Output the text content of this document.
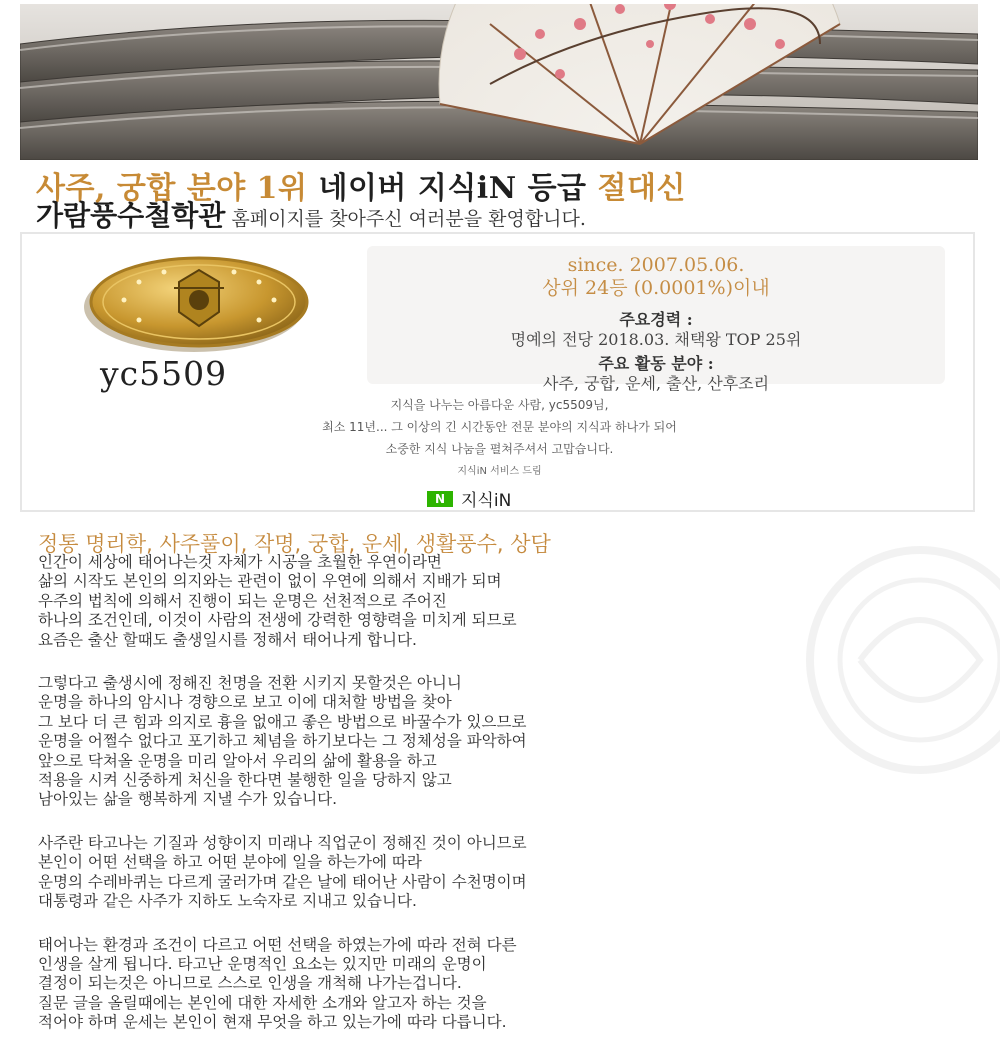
사주, 궁합 분야 1위 네이버 지식iN 등급 절대신
가람풍수철학관 홈페이지를 찾아주신 여러분을 환영합니다.
yc5509
since. 2007.05.06.
상위 24등 (0.0001%)이내
주요경력 :
명예의 전당 2018.03. 채택왕 TOP 25위
주요 활동 분야 :
사주, 궁합, 운세, 출산, 산후조리
지식을 나누는 아름다운 사람, yc5509님,
최소 11년... 그 이상의 긴 시간동안 전문 분야의 지식과 하나가 되어
소중한 지식 나눔을 펼쳐주셔서 고맙습니다.
지식iN 서비스 드림
N 지식iN
정통 명리학, 사주풀이, 작명, 궁합, 운세, 생활풍수, 상담
인간이 세상에 태어나는것 자체가 시공을 초월한 우연이라면
삶의 시작도 본인의 의지와는 관련이 없이 우연에 의해서 지배가 되며
우주의 법칙에 의해서 진행이 되는 운명은 선천적으로 주어진
하나의 조건인데, 이것이 사람의 전생에 강력한 영향력을 미치게 되므로
요즘은 출산 할때도 출생일시를 정해서 태어나게 합니다.
그렇다고 출생시에 정해진 천명을 전환 시키지 못할것은 아니니
운명을 하나의 암시나 경향으로 보고 이에 대처할 방법을 찾아
그 보다 더 큰 힘과 의지로 흉을 없애고 좋은 방법으로 바꿀수가 있으므로
운명을 어쩔수 없다고 포기하고 체념을 하기보다는 그 정체성을 파악하여
앞으로 닥쳐올 운명을 미리 알아서 우리의 삶에 활용을 하고
적용을 시켜 신중하게 처신을 한다면 불행한 일을 당하지 않고
남아있는 삶을 행복하게 지낼 수가 있습니다.
사주란 타고나는 기질과 성향이지 미래나 직업군이 정해진 것이 아니므로
본인이 어떤 선택을 하고 어떤 분야에 일을 하는가에 따라
운명의 수레바퀴는 다르게 굴러가며 같은 날에 태어난 사람이 수천명이며
대통령과 같은 사주가 지하도 노숙자로 지내고 있습니다.
태어나는 환경과 조건이 다르고 어떤 선택을 하였는가에 따라 전혀 다른
인생을 살게 됩니다. 타고난 운명적인 요소는 있지만 미래의 운명이
결정이 되는것은 아니므로 스스로 인생을 개척해 나가는겁니다.
질문 글을 올릴때에는 본인에 대한 자세한 소개와 알고자 하는 것을
적어야 하며 운세는 본인이 현재 무엇을 하고 있는가에 따라 다릅니다.
